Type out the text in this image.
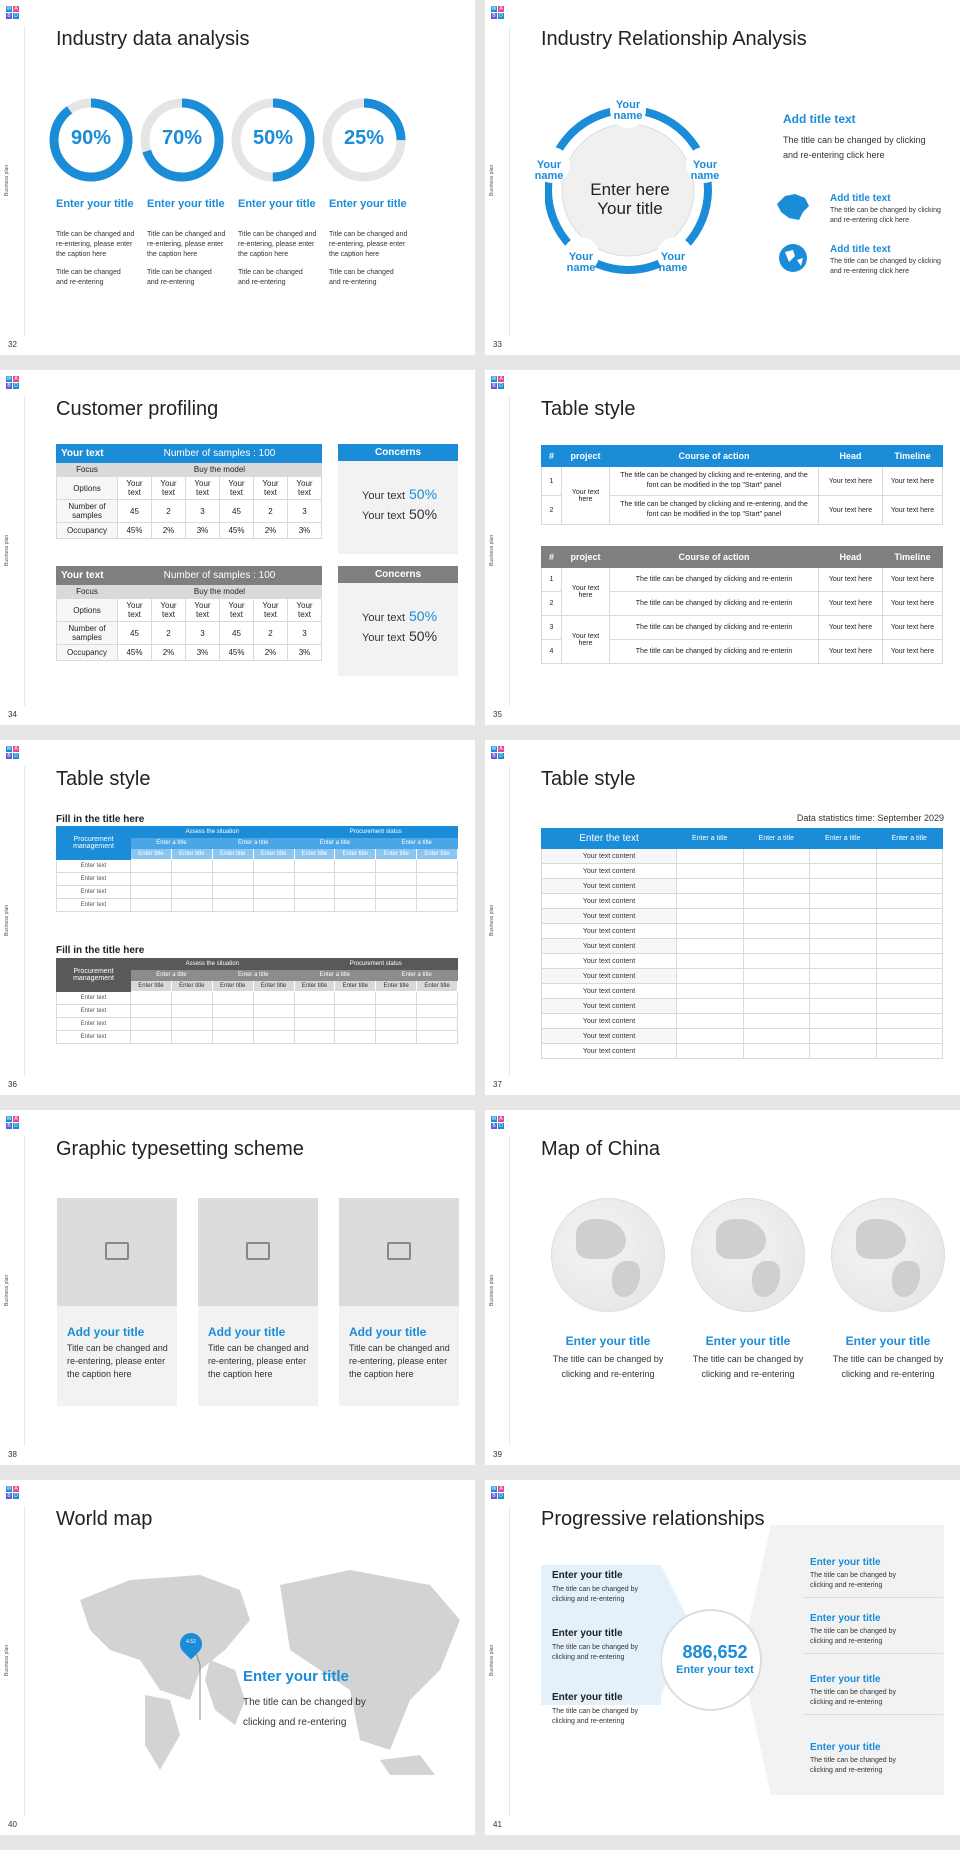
W A
B D
Business plan
32
Industry data analysis
90%
Enter your title
Title can be changed and re-entering, please enter the caption here
Title can be changed and re-entering
70%
Enter your title
Title can be changed and re-entering, please enter the caption here
Title can be changed and re-entering
50%
Enter your title
Title can be changed and re-entering, please enter the caption here
Title can be changed and re-entering
25%
Enter your title
Title can be changed and re-entering, please enter the caption here
Title can be changed and re-entering
W A
B D
Business plan
33
Industry Relationship Analysis
Enter here
Your title
Your name
Your name
Your name
Your name
Your name
Add title text
The title can be changed by clicking and re-entering click here
Add title text
The title can be changed by clicking and re-entering click here
Add title text
The title can be changed by clicking and re-entering click here
W A
B D
Business plan
34
Customer profiling
Your text	Number of samples : 100					
Focus	Buy the model					
Options	Your text	Your text	Your text	Your text	Your text	Your text
Number of samples	45	2	3	45	2	3
Occupancy	45%	2%	3%	45%	2%	3%
Concerns
Your text 50%
Your text 50%
Your text	Number of samples : 100					
Focus	Buy the model					
Options	Your text	Your text	Your text	Your text	Your text	Your text
Number of samples	45	2	3	45	2	3
Occupancy	45%	2%	3%	45%	2%	3%
Concerns
Your text 50%
Your text 50%
W A
B D
Business plan
35
Table style
#	project	Course of action	Head	Timeline
1	Your text here	The title can be changed by clicking and re-entering, and the font can be modified in the top "Start" panel	Your text here	Your text here
2		The title can be changed by clicking and re-entering, and the font can be modified in the top "Start" panel	Your text here	Your text here
#	project	Course of action	Head	Timeline
1	Your text here	The title can be changed by clicking and re-enterin	Your text here	Your text here
2		The title can be changed by clicking and re-enterin	Your text here	Your text here
3	Your text here	The title can be changed by clicking and re-enterin	Your text here	Your text here
4		The title can be changed by clicking and re-enterin	Your text here	Your text here
W A
B D
Business plan
36
Table style
Fill in the title here
Procurement management	Assess the situation				Procurement status			
	Enter a title		Enter a title		Enter a title		Enter a title	
	Enter title	Enter title	Enter title	Enter title	Enter title	Enter title	Enter title	Enter title
Enter text								
Enter text								
Enter text								
Enter text								
Fill in the title here
Procurement management	Assess the situation				Procurement status			
	Enter a title		Enter a title		Enter a title		Enter a title	
	Enter title	Enter title	Enter title	Enter title	Enter title	Enter title	Enter title	Enter title
Enter text								
Enter text								
Enter text								
Enter text								
W A
B D
Business plan
37
Table style
Data statistics time: September 2029
Enter the text	Enter a title	Enter a title	Enter a title	Enter a title
Your text content				
Your text content				
Your text content				
Your text content				
Your text content				
Your text content				
Your text content				
Your text content				
Your text content				
Your text content				
Your text content				
Your text content				
Your text content				
Your text content				
W A
B D
Business plan
38
Graphic typesetting scheme
Add your title
Title can be changed and re-entering, please enter the caption here
Add your title
Title can be changed and re-entering, please enter the caption here
Add your title
Title can be changed and re-entering, please enter the caption here
W A
B D
Business plan
39
Map of China
Enter your title
The title can be changed by clicking and re-entering
Enter your title
The title can be changed by clicking and re-entering
Enter your title
The title can be changed by clicking and re-entering
W A
B D
Business plan
40
World map
4.52
Enter your title
The title can be changed by clicking and re-entering
W A
B D
Business plan
41
Progressive relationships
886,652
Enter your text
Enter your title
The title can be changed by clicking and re-entering
Enter your title
The title can be changed by clicking and re-entering
Enter your title
The title can be changed by clicking and re-entering
Enter your title
The title can be changed by clicking and re-entering
Enter your title
The title can be changed by clicking and re-entering
Enter your title
The title can be changed by clicking and re-entering
Enter your title
The title can be changed by clicking and re-entering
